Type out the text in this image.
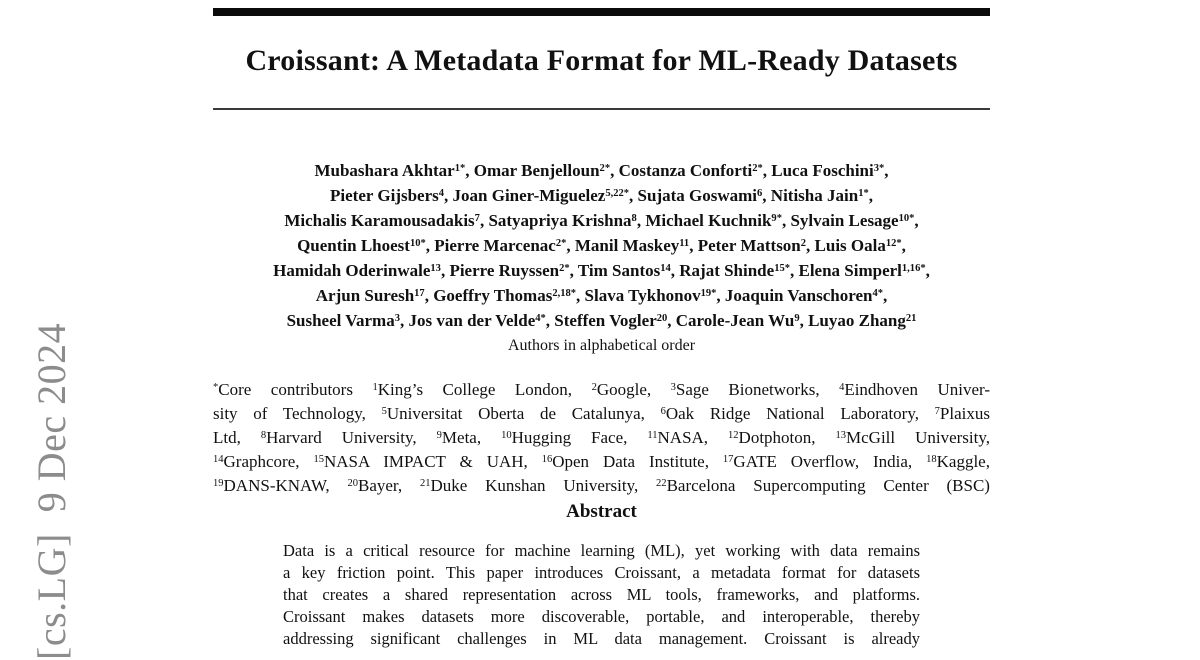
[cs.LG]  9 Dec 2024
Croissant: A Metadata Format for ML-Ready Datasets
Mubashara Akhtar$^{1*}$, Omar Benjelloun$^{2*}$, Costanza Conforti$^{2*}$, Luca Foschini$^{3*}$,
Pieter Gijsbers$^4$, Joan Giner-Miguelez$^{5,22*}$, Sujata Goswami$^6$, Nitisha Jain$^{1*}$,
Michalis Karamousadakis$^7$, Satyapriya Krishna$^8$, Michael Kuchnik$^{9*}$, Sylvain Lesage$^{10*}$,
Quentin Lhoest$^{10*}$, Pierre Marcenac$^{2*}$, Manil Maskey$^{11}$, Peter Mattson$^2$, Luis Oala$^{12*}$,
Hamidah Oderinwale$^{13}$, Pierre Ruyssen$^{2*}$, Tim Santos$^{14}$, Rajat Shinde$^{15*}$, Elena Simperl$^{1,16*}$,
Arjun Suresh$^{17}$, Goeffry Thomas$^{2,18*}$, Slava Tykhonov$^{19*}$, Joaquin Vanschoren$^{4*}$,
Susheel Varma$^3$, Jos van der Velde$^{4*}$, Steffen Vogler$^{20}$, Carole-Jean Wu$^9$, Luyao Zhang$^{21}$
Authors in alphabetical order
*Core contributors $^1$King’s College London, $^2$Google, $^3$Sage Bionetworks, $^4$Eindhoven Univer-
sity of Technology, $^5$Universitat Oberta de Catalunya, $^6$Oak Ridge National Laboratory, $^7$Plaixus
Ltd, $^8$Harvard University, $^9$Meta, $^{10}$Hugging Face, $^{11}$NASA, $^{12}$Dotphoton, $^{13}$McGill University,
$^{14}$Graphcore, $^{15}$NASA IMPACT & UAH, $^{16}$Open Data Institute, $^{17}$GATE Overflow, India, $^{18}$Kaggle,
$^{19}$DANS-KNAW, $^{20}$Bayer, $^{21}$Duke Kunshan University, $^{22}$Barcelona Supercomputing Center (BSC)
Abstract
Data is a critical resource for machine learning (ML), yet working with data remains
a key friction point. This paper introduces Croissant, a metadata format for datasets
that creates a shared representation across ML tools, frameworks, and platforms.
Croissant makes datasets more discoverable, portable, and interoperable, thereby
addressing significant challenges in ML data management. Croissant is already
